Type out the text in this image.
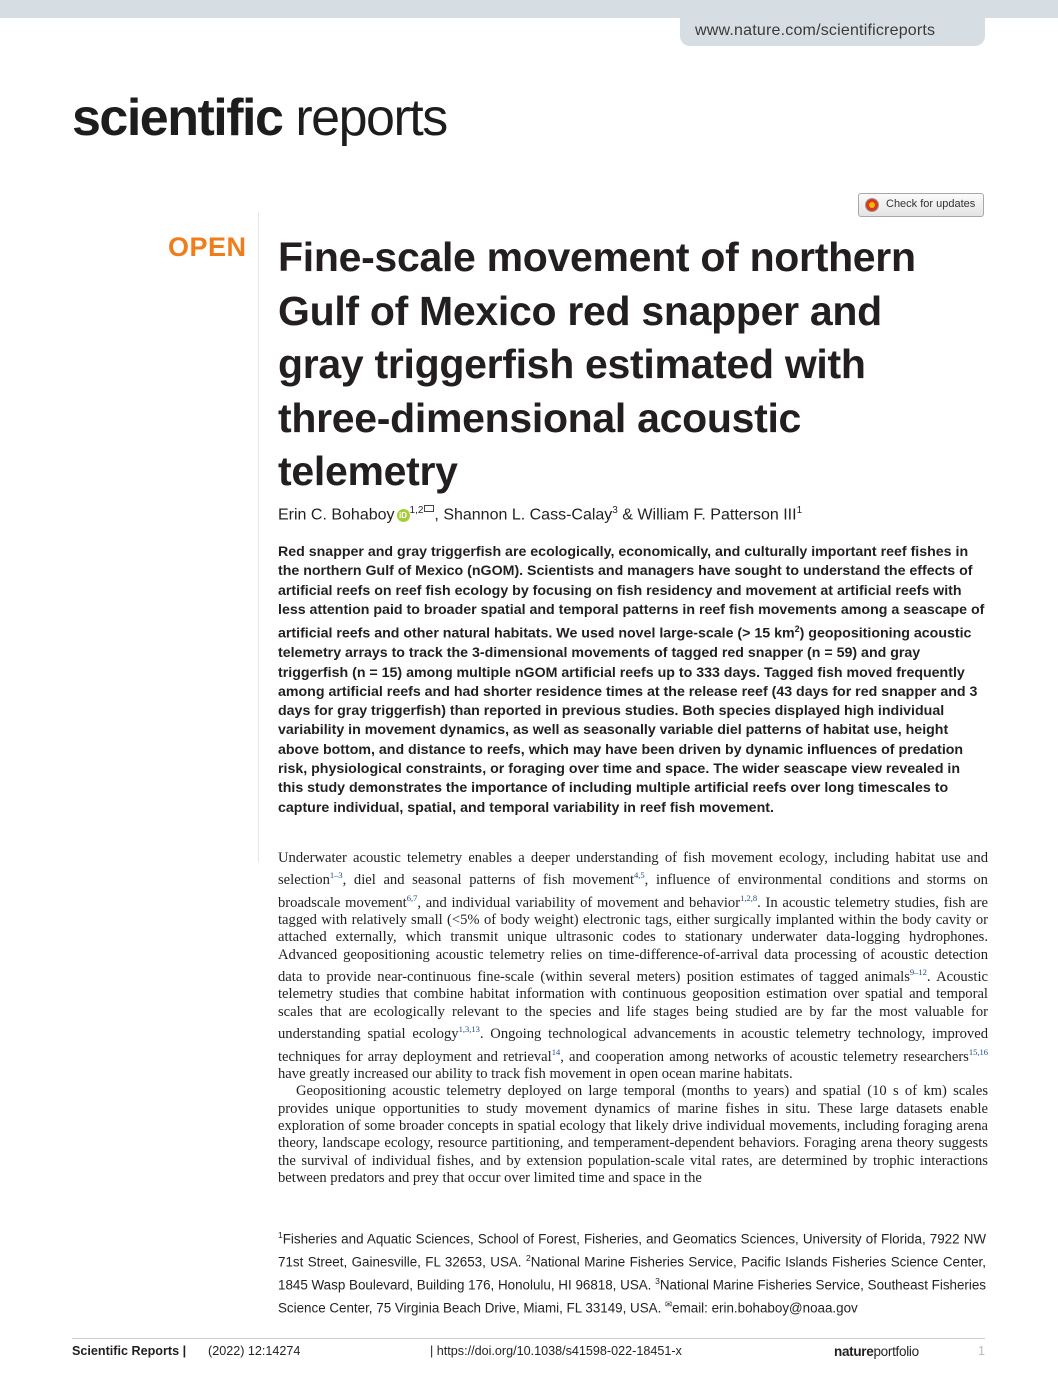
www.nature.com/scientificreports
scientific reports
Check for updates
OPEN Fine-scale movement of northern Gulf of Mexico red snapper and gray triggerfish estimated with three-dimensional acoustic telemetry
Erin C. Bohaboy iD $^{1,2}$ , Shannon L. Cass-Calay$^3$ & William F. Patterson III$^1$

Red snapper and gray triggerfish are ecologically, economically, and culturally important reef fishes in the northern Gulf of Mexico (nGOM). Scientists and managers have sought to understand the effects of artificial reefs on reef fish ecology by focusing on fish residency and movement at artificial reefs with less attention paid to broader spatial and temporal patterns in reef fish movements among a seascape of artificial reefs and other natural habitats. We used novel large-scale (> 15 $km^2$) geopositioning acoustic telemetry arrays to track the 3-dimensional movements of tagged red snapper (n = 59) and gray triggerfish (n = 15) among multiple nGOM artificial reefs up to 333 days. Tagged fish moved frequently among artificial reefs and had shorter residence times at the release reef (43 days for red snapper and 3 days for gray triggerfish) than reported in previous studies. Both species displayed high individual variability in movement dynamics, as well as seasonally variable diel patterns of habitat use, height above bottom, and distance to reefs, which may have been driven by dynamic influences of predation risk, physiological constraints, or foraging over time and space. The wider seascape view revealed in this study demonstrates the importance of including multiple artificial reefs over long timescales to capture individual, spatial, and temporal variability in reef fish movement.

Underwater acoustic telemetry enables a deeper understanding of fish movement ecology, including habitat use and selection$^{1-3}$, diel and seasonal patterns of fish movement$^{4,5}$, influence of environmental conditions and storms on broadscale movement$^{6,7}$, and individual variability of movement and behavior$^{1,2,8}$. In acoustic telemetry studies, fish are tagged with relatively small (<5% of body weight) electronic tags, either surgically implanted within the body cavity or attached externally, which transmit unique ultrasonic codes to stationary underwater data-logging hydrophones. Advanced geopositioning acoustic telemetry relies on time-difference-of-arrival data processing of acoustic detection data to provide near-continuous fine-scale (within several meters) position estimates of tagged animals$^{9-12}$. Acoustic telemetry studies that combine habitat information with continuous geoposition estimation over spatial and temporal scales that are ecologically relevant to the species and life stages being studied are by far the most valuable for understanding spatial ecology$^{1,3,13}$. Ongoing technological advancements in acoustic telemetry technology, improved techniques for array deployment and retrieval$^{14}$, and cooperation among networks of acoustic telemetry researchers$^{15,16}$ have greatly increased our ability to track fish movement in open ocean marine habitats.

Geopositioning acoustic telemetry deployed on large temporal (months to years) and spatial (10 s of km) scales provides unique opportunities to study movement dynamics of marine fishes in situ. These large datasets enable exploration of some broader concepts in spatial ecology that likely drive individual movements, including foraging arena theory, landscape ecology, resource partitioning, and temperament-dependent behaviors. Foraging arena theory suggests the survival of individual fishes, and by extension population-scale vital rates, are determined by trophic interactions between predators and prey that occur over limited time and space in the

$^1$Fisheries and Aquatic Sciences, School of Forest, Fisheries, and Geomatics Sciences, University of Florida, 7922 NW 71st Street, Gainesville, FL 32653, USA. $^2$National Marine Fisheries Service, Pacific Islands Fisheries Science Center, 1845 Wasp Boulevard, Building 176, Honolulu, HI 96818, USA. $^3$National Marine Fisheries Service, Southeast Fisheries Science Center, 75 Virginia Beach Drive, Miami, FL 33149, USA. ✉email: erin.bohaboy@noaa.gov

Scientific Reports | (2022) 12:14274	| https://doi.org/10.1038/s41598-022-18451-x	natureportfolio	1
